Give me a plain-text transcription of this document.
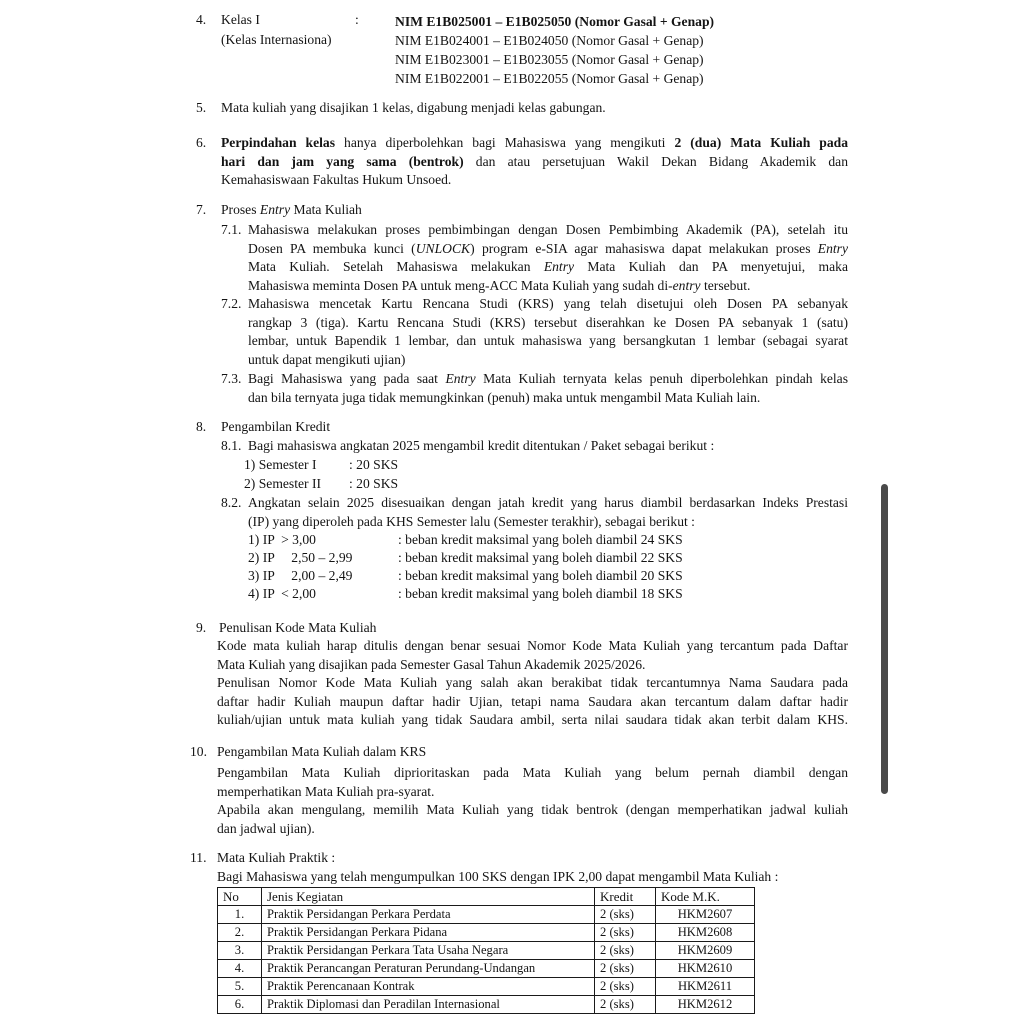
4. Kelas I
(Kelas Internasiona)
:	NIM E1B025001 – E1B025050 (Nomor Gasal + Genap)
NIM E1B024001 – E1B024050 (Nomor Gasal + Genap)
NIM E1B023001 – E1B023055 (Nomor Gasal + Genap)
NIM E1B022001 – E1B022055 (Nomor Gasal + Genap)
5. Mata kuliah yang disajikan 1 kelas, digabung menjadi kelas gabungan.
6. Perpindahan kelas hanya diperbolehkan bagi Mahasiswa yang mengikuti 2 (dua) Mata Kuliah pada
hari dan jam yang sama (bentrok) dan atau persetujuan Wakil Dekan Bidang Akademik dan
Kemahasiswaan Fakultas Hukum Unsoed.
7. Proses Entry Mata Kuliah
7.1. Mahasiswa melakukan proses pembimbingan dengan Dosen Pembimbing Akademik (PA), setelah itu
Dosen PA membuka kunci (UNLOCK) program e-SIA agar mahasiswa dapat melakukan proses Entry
Mata Kuliah. Setelah Mahasiswa melakukan Entry Mata Kuliah dan PA menyetujui, maka
Mahasiswa meminta Dosen PA untuk meng-ACC Mata Kuliah yang sudah di-entry tersebut.
7.2. Mahasiswa mencetak Kartu Rencana Studi (KRS) yang telah disetujui oleh Dosen PA sebanyak
rangkap 3 (tiga). Kartu Rencana Studi (KRS) tersebut diserahkan ke Dosen PA sebanyak 1 (satu)
lembar, untuk Bapendik 1 lembar, dan untuk mahasiswa yang bersangkutan 1 lembar (sebagai syarat
untuk dapat mengikuti ujian)
7.3. Bagi Mahasiswa yang pada saat Entry Mata Kuliah ternyata kelas penuh diperbolehkan pindah kelas
dan bila ternyata juga tidak memungkinkan (penuh) maka untuk mengambil Mata Kuliah lain.
8. Pengambilan Kredit
8.1. Bagi mahasiswa angkatan 2025 mengambil kredit ditentukan / Paket sebagai berikut :
1) Semester I : 20 SKS
2) Semester II : 20 SKS
8.2. Angkatan selain 2025 disesuaikan dengan jatah kredit yang harus diambil berdasarkan Indeks Prestasi
(IP) yang diperoleh pada KHS Semester lalu (Semester terakhir), sebagai berikut :
1) IP  > 3,00	: beban kredit maksimal yang boleh diambil 24 SKS
2) IP     2,50 – 2,99	: beban kredit maksimal yang boleh diambil 22 SKS
3) IP     2,00 – 2,49	: beban kredit maksimal yang boleh diambil 20 SKS
4) IP  < 2,00	: beban kredit maksimal yang boleh diambil 18 SKS
9. Penulisan Kode Mata Kuliah
Kode mata kuliah harap ditulis dengan benar sesuai Nomor Kode Mata Kuliah yang tercantum pada Daftar
Mata Kuliah yang disajikan pada Semester Gasal Tahun Akademik 2025/2026.
Penulisan Nomor Kode Mata Kuliah yang salah akan berakibat tidak tercantumnya Nama Saudara pada
daftar hadir Kuliah maupun daftar hadir Ujian, tetapi nama Saudara akan tercantum dalam daftar hadir
kuliah/ujian untuk mata kuliah yang tidak Saudara ambil, serta nilai saudara tidak akan terbit dalam KHS.
10. Pengambilan Mata Kuliah dalam KRS
Pengambilan Mata Kuliah diprioritaskan pada Mata Kuliah yang belum pernah diambil dengan
memperhatikan Mata Kuliah pra-syarat.
Apabila akan mengulang, memilih Mata Kuliah yang tidak bentrok (dengan memperhatikan jadwal kuliah
dan jadwal ujian).
11. Mata Kuliah Praktik :
Bagi Mahasiswa yang telah mengumpulkan 100 SKS dengan IPK 2,00 dapat mengambil Mata Kuliah :
No	Jenis Kegiatan	Kredit	Kode M.K.
1.	Praktik Persidangan Perkara Perdata	2 (sks)	HKM2607
2.	Praktik Persidangan Perkara Pidana	2 (sks)	HKM2608
3.	Praktik Persidangan Perkara Tata Usaha Negara	2 (sks)	HKM2609
4.	Praktik Perancangan Peraturan Perundang-Undangan	2 (sks)	HKM2610
5.	Praktik Perencanaan Kontrak	2 (sks)	HKM2611
6.	Praktik Diplomasi dan Peradilan Internasional	2 (sks)	HKM2612
